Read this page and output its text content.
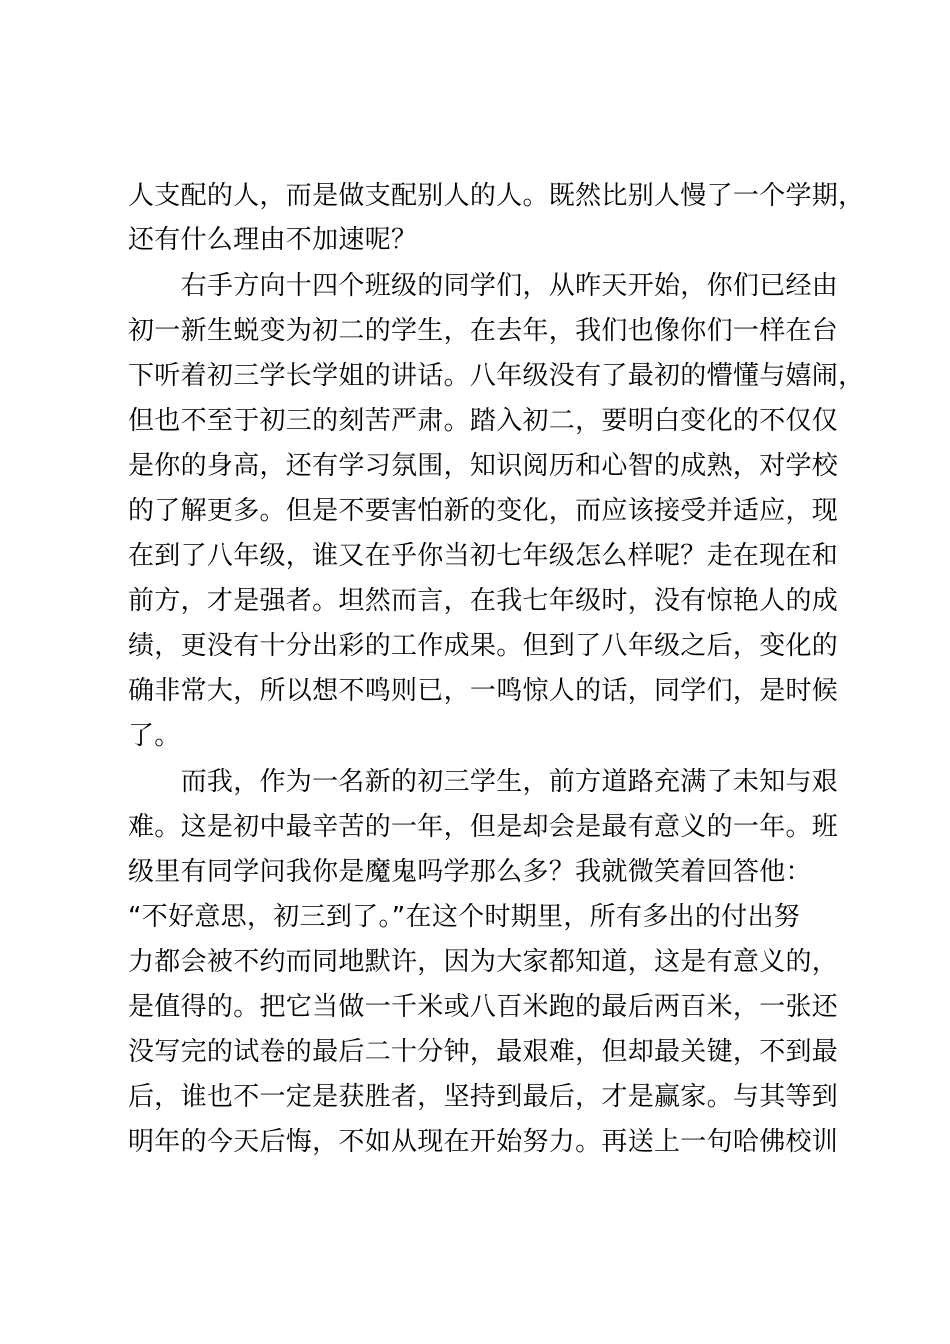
人支配的人，而是做支配别人的人。既然比别人慢了一个学期，
还有什么理由不加速呢？
　　右手方向十四个班级的同学们，从昨天开始，你们已经由
初一新生蜕变为初二的学生，在去年，我们也像你们一样在台
下听着初三学长学姐的讲话。八年级没有了最初的懵懂与嬉闹，
但也不至于初三的刻苦严肃。踏入初二，要明白变化的不仅仅
是你的身高，还有学习氛围，知识阅历和心智的成熟，对学校
的了解更多。但是不要害怕新的变化，而应该接受并适应，现
在到了八年级，谁又在乎你当初七年级怎么样呢？走在现在和
前方，才是强者。坦然而言，在我七年级时，没有惊艳人的成
绩，更没有十分出彩的工作成果。但到了八年级之后，变化的
确非常大，所以想不鸣则已，一鸣惊人的话，同学们，是时候
了。
　　而我，作为一名新的初三学生，前方道路充满了未知与艰
难。这是初中最辛苦的一年，但是却会是最有意义的一年。班
级里有同学问我你是魔鬼吗学那么多？我就微笑着回答他：
“不好意思，初三到了。”在这个时期里，所有多出的付出努
力都会被不约而同地默许，因为大家都知道，这是有意义的，
是值得的。把它当做一千米或八百米跑的最后两百米，一张还
没写完的试卷的最后二十分钟，最艰难，但却最关键，不到最
后，谁也不一定是获胜者，坚持到最后，才是赢家。与其等到
明年的今天后悔，不如从现在开始努力。再送上一句哈佛校训
